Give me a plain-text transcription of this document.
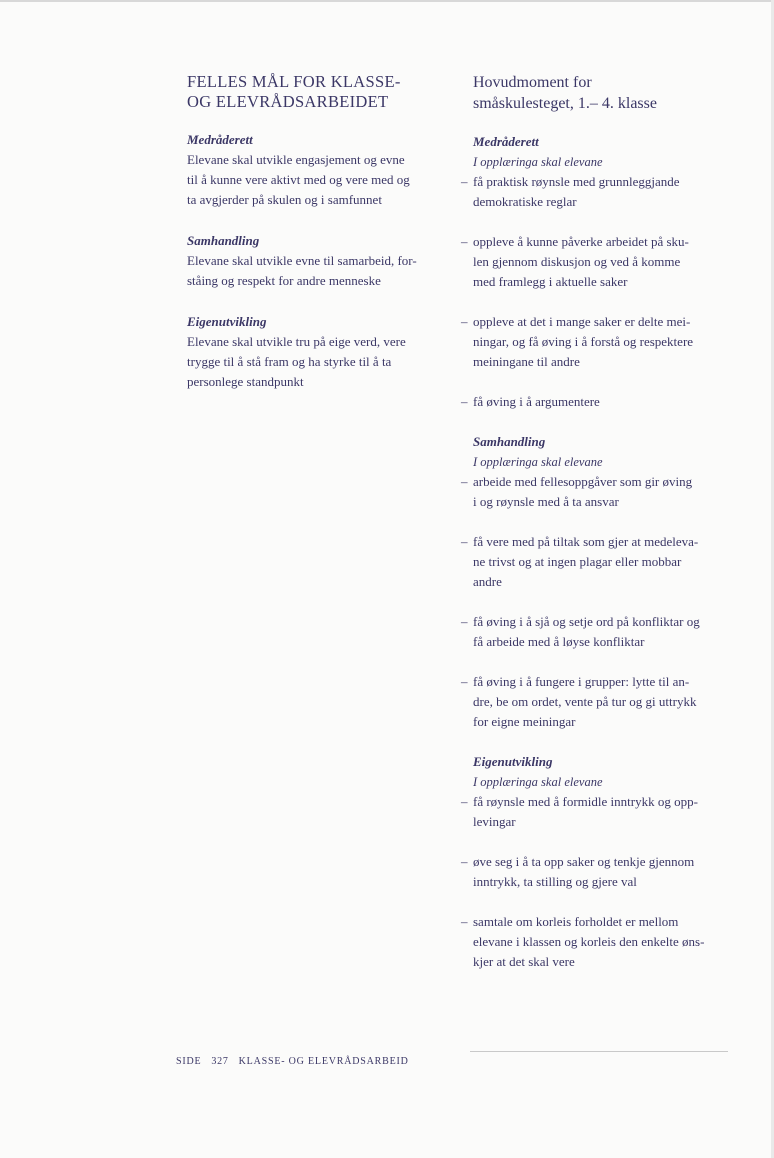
FELLES MÅL FOR KLASSE-
OG ELEVRÅDSARBEIDET
Medråderett
Elevane skal utvikle engasjement og evne
til å kunne vere aktivt med og vere med og
ta avgjerder på skulen og i samfunnet
Samhandling
Elevane skal utvikle evne til samarbeid, for-
ståing og respekt for andre menneske
Eigenutvikling
Elevane skal utvikle tru på eige verd, vere
trygge til å stå fram og ha styrke til å ta
personlege standpunkt
Hovudmoment for
småskulesteget, 1.– 4. klasse
Medråderett
I opplæringa skal elevane
– få praktisk røynsle med grunnleggjande
demokratiske reglar
– oppleve å kunne påverke arbeidet på sku-
len gjennom diskusjon og ved å komme
med framlegg i aktuelle saker
– oppleve at det i mange saker er delte mei-
ningar, og få øving i å forstå og respektere
meiningane til andre
– få øving i å argumentere
Samhandling
I opplæringa skal elevane
– arbeide med fellesoppgåver som gir øving
i og røynsle med å ta ansvar
– få vere med på tiltak som gjer at medeleva-
ne trivst og at ingen plagar eller mobbar
andre
– få øving i å sjå og setje ord på konfliktar og
få arbeide med å løyse konfliktar
– få øving i å fungere i grupper: lytte til an-
dre, be om ordet, vente på tur og gi uttrykk
for eigne meiningar
Eigenutvikling
I opplæringa skal elevane
– få røynsle med å formidle inntrykk og opp-
levingar
– øve seg i å ta opp saker og tenkje gjennom
inntrykk, ta stilling og gjere val
– samtale om korleis forholdet er mellom
elevane i klassen og korleis den enkelte øns-
kjer at det skal vere
SIDE 327 KLASSE- OG ELEVRÅDSARBEID
